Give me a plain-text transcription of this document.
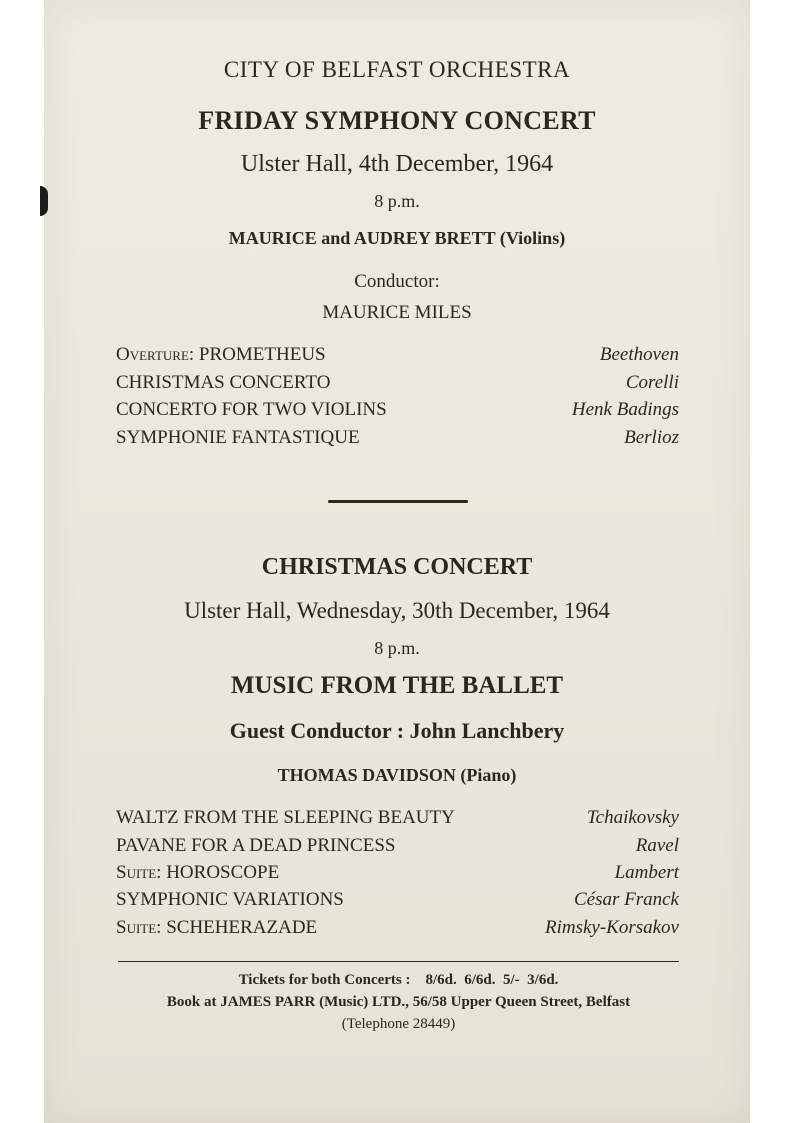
CITY OF BELFAST ORCHESTRA
FRIDAY SYMPHONY CONCERT
Ulster Hall, 4th December, 1964
8 p.m.
MAURICE and AUDREY BRETT (Violins)
Conductor:
MAURICE MILES
Overture: PROMETHEUS	Beethoven
CHRISTMAS CONCERTO	Corelli
CONCERTO FOR TWO VIOLINS	Henk Badings
SYMPHONIE FANTASTIQUE	Berlioz
CHRISTMAS CONCERT
Ulster Hall, Wednesday, 30th December, 1964
8 p.m.
MUSIC FROM THE BALLET
Guest Conductor : John Lanchbery
THOMAS DAVIDSON (Piano)
WALTZ FROM THE SLEEPING BEAUTY	Tchaikovsky
PAVANE FOR A DEAD PRINCESS	Ravel
Suite: HOROSCOPE	Lambert
SYMPHONIC VARIATIONS	César Franck
Suite: SCHEHERAZADE	Rimsky-Korsakov
Tickets for both Concerts :    8/6d.  6/6d.  5/-  3/6d.
Book at JAMES PARR (Music) LTD., 56/58 Upper Queen Street, Belfast
(Telephone 28449)
